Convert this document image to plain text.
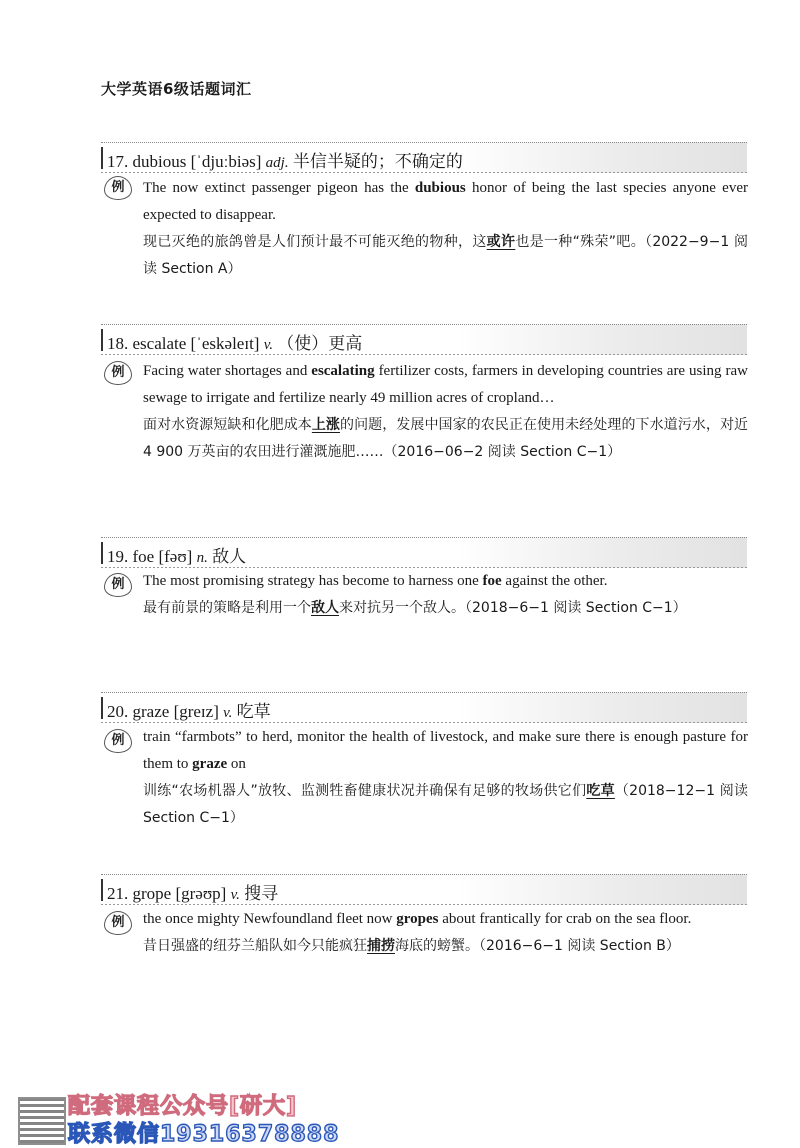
大学英语6级话题词汇
17. dubious [ˈdjuːbiəs] adj. 半信半疑的；不确定的
例	The now extinct passenger pigeon has the dubious honor of being the last species anyone ever expected to disappear.
现已灭绝的旅鸽曾是人们预计最不可能灭绝的物种，这或许也是一种“殊荣”吧。（2022−9−1 阅读 Section A）
18. escalate [ˈeskəleɪt] v. （使）更高
例	Facing water shortages and escalating fertilizer costs, farmers in developing countries are using raw sewage to irrigate and fertilize nearly 49 million acres of cropland…
面对水资源短缺和化肥成本上涨的问题，发展中国家的农民正在使用未经处理的下水道污水，对近 4 900 万英亩的农田进行灌溉施肥……（2016−06−2 阅读 Section C−1）
19. foe [fəʊ] n. 敌人
例	The most promising strategy has become to harness one foe against the other.
最有前景的策略是利用一个敌人来对抗另一个敌人。（2018−6−1 阅读 Section C−1）
20. graze [greɪz] v. 吃草
例	train “farmbots” to herd, monitor the health of livestock, and make sure there is enough pasture for them to graze on
训练“农场机器人”放牧、监测牲畜健康状况并确保有足够的牧场供它们吃草（2018−12−1 阅读 Section C−1）
21. grope [grəʊp] v. 搜寻
例	the once mighty Newfoundland fleet now gropes about frantically for crab on the sea floor.
昔日强盛的纽芬兰船队如今只能疯狂捕捞海底的螃蟹。（2016−6−1 阅读 Section B）
配套课程公众号[研大]
联系微信19316378888
